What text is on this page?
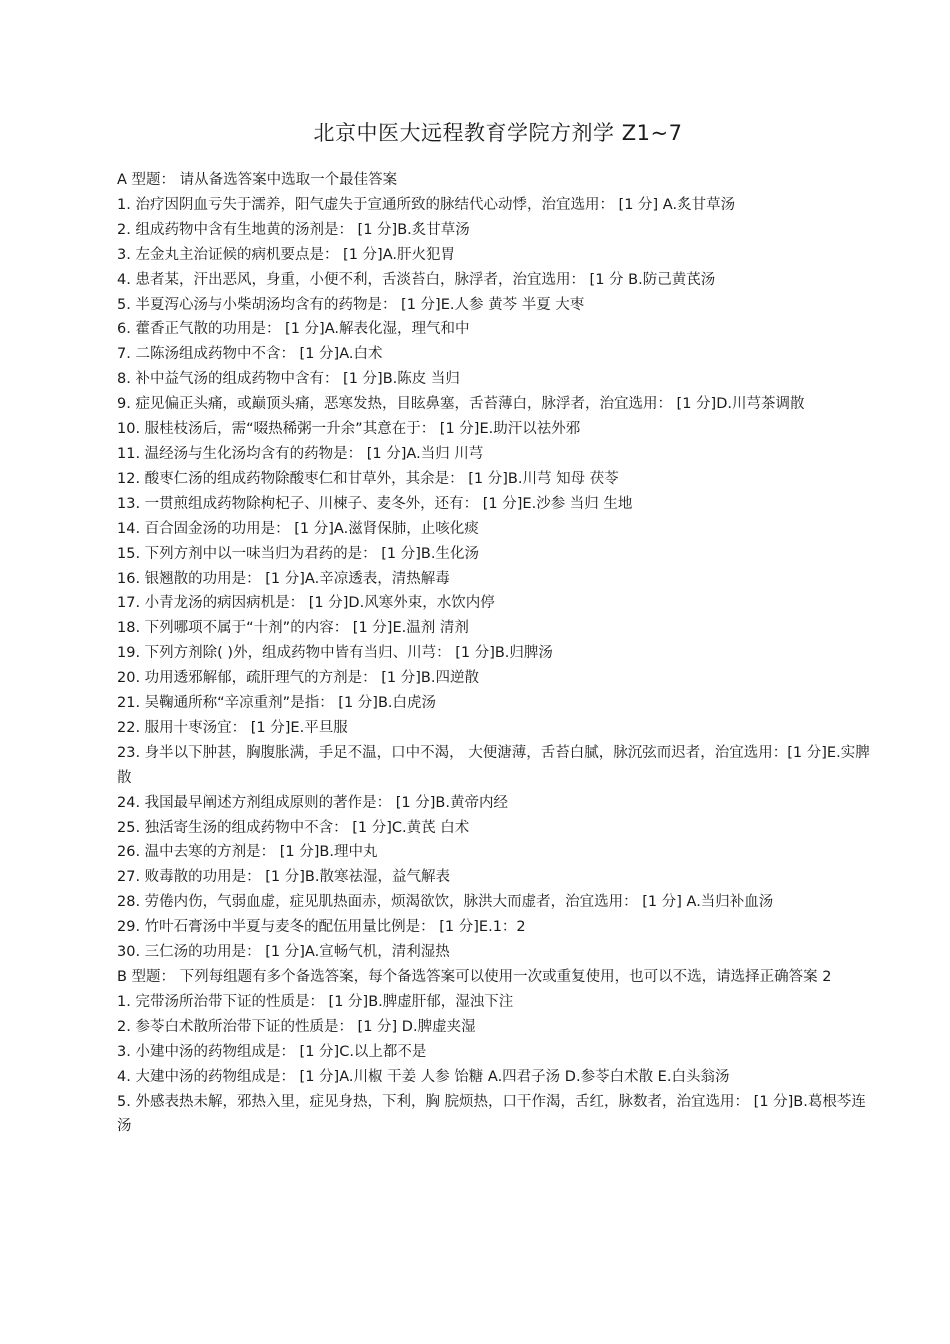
北京中医大远程教育学院方剂学 Z1~7
A 型题： 请从备选答案中选取一个最佳答案
1. 治疗因阴血亏失于濡养，阳气虚失于宣通所致的脉结代心动悸，治宜选用： [1 分] A.炙甘草汤
2. 组成药物中含有生地黄的汤剂是： [1 分]B.炙甘草汤
3. 左金丸主治证候的病机要点是： [1 分]A.肝火犯胃
4. 患者某，汗出恶风，身重，小便不利，舌淡苔白，脉浮者，治宜选用： [1 分 B.防己黄芪汤
5. 半夏泻心汤与小柴胡汤均含有的药物是： [1 分]E.人参 黄芩 半夏 大枣
6. 藿香正气散的功用是： [1 分]A.解表化湿，理气和中
7. 二陈汤组成药物中不含： [1 分]A.白术
8. 补中益气汤的组成药物中含有： [1 分]B.陈皮 当归
9. 症见偏正头痛，或巅顶头痛，恶寒发热，目眩鼻塞，舌苔薄白，脉浮者，治宜选用： [1 分]D.川芎茶调散
10. 服桂枝汤后，需“啜热稀粥一升余”其意在于： [1 分]E.助汗以祛外邪
11. 温经汤与生化汤均含有的药物是： [1 分]A.当归 川芎
12. 酸枣仁汤的组成药物除酸枣仁和甘草外，其余是： [1 分]B.川芎 知母 茯苓
13. 一贯煎组成药物除枸杞子、川楝子、麦冬外，还有： [1 分]E.沙参 当归 生地
14. 百合固金汤的功用是： [1 分]A.滋肾保肺，止咳化痰
15. 下列方剂中以一味当归为君药的是： [1 分]B.生化汤
16. 银翘散的功用是： [1 分]A.辛凉透表，清热解毒
17. 小青龙汤的病因病机是： [1 分]D.风寒外束，水饮内停
18. 下列哪项不属于“十剂”的内容： [1 分]E.温剂 清剂
19. 下列方剂除( )外，组成药物中皆有当归、川芎： [1 分]B.归脾汤
20. 功用透邪解郁，疏肝理气的方剂是： [1 分]B.四逆散
21. 吴鞠通所称“辛凉重剂”是指： [1 分]B.白虎汤
22. 服用十枣汤宜： [1 分]E.平旦服
23. 身半以下肿甚，胸腹胀满，手足不温，口中不渴， 大便溏薄，舌苔白腻，脉沉弦而迟者，治宜选用：[1 分]E.实脾散
24. 我国最早阐述方剂组成原则的著作是： [1 分]B.黄帝内经
25. 独活寄生汤的组成药物中不含： [1 分]C.黄芪 白术
26. 温中去寒的方剂是： [1 分]B.理中丸
27. 败毒散的功用是： [1 分]B.散寒祛湿，益气解表
28. 劳倦内伤，气弱血虚，症见肌热面赤，烦渴欲饮，脉洪大而虚者，治宜选用： [1 分] A.当归补血汤
29. 竹叶石膏汤中半夏与麦冬的配伍用量比例是： [1 分]E.1：2
30. 三仁汤的功用是： [1 分]A.宣畅气机，清利湿热
B 型题： 下列每组题有多个备选答案，每个备选答案可以使用一次或重复使用，也可以不选，请选择正确答案 2
1. 完带汤所治带下证的性质是： [1 分]B.脾虚肝郁，湿浊下注
2. 参苓白术散所治带下证的性质是： [1 分] D.脾虚夹湿
3. 小建中汤的药物组成是： [1 分]C.以上都不是
4. 大建中汤的药物组成是： [1 分]A.川椒 干姜 人参 饴糖 A.四君子汤 D.参苓白术散 E.白头翁汤
5. 外感表热未解，邪热入里，症见身热，下利，胸 脘烦热，口干作渴，舌红，脉数者，治宜选用： [1 分]B.葛根芩连汤
